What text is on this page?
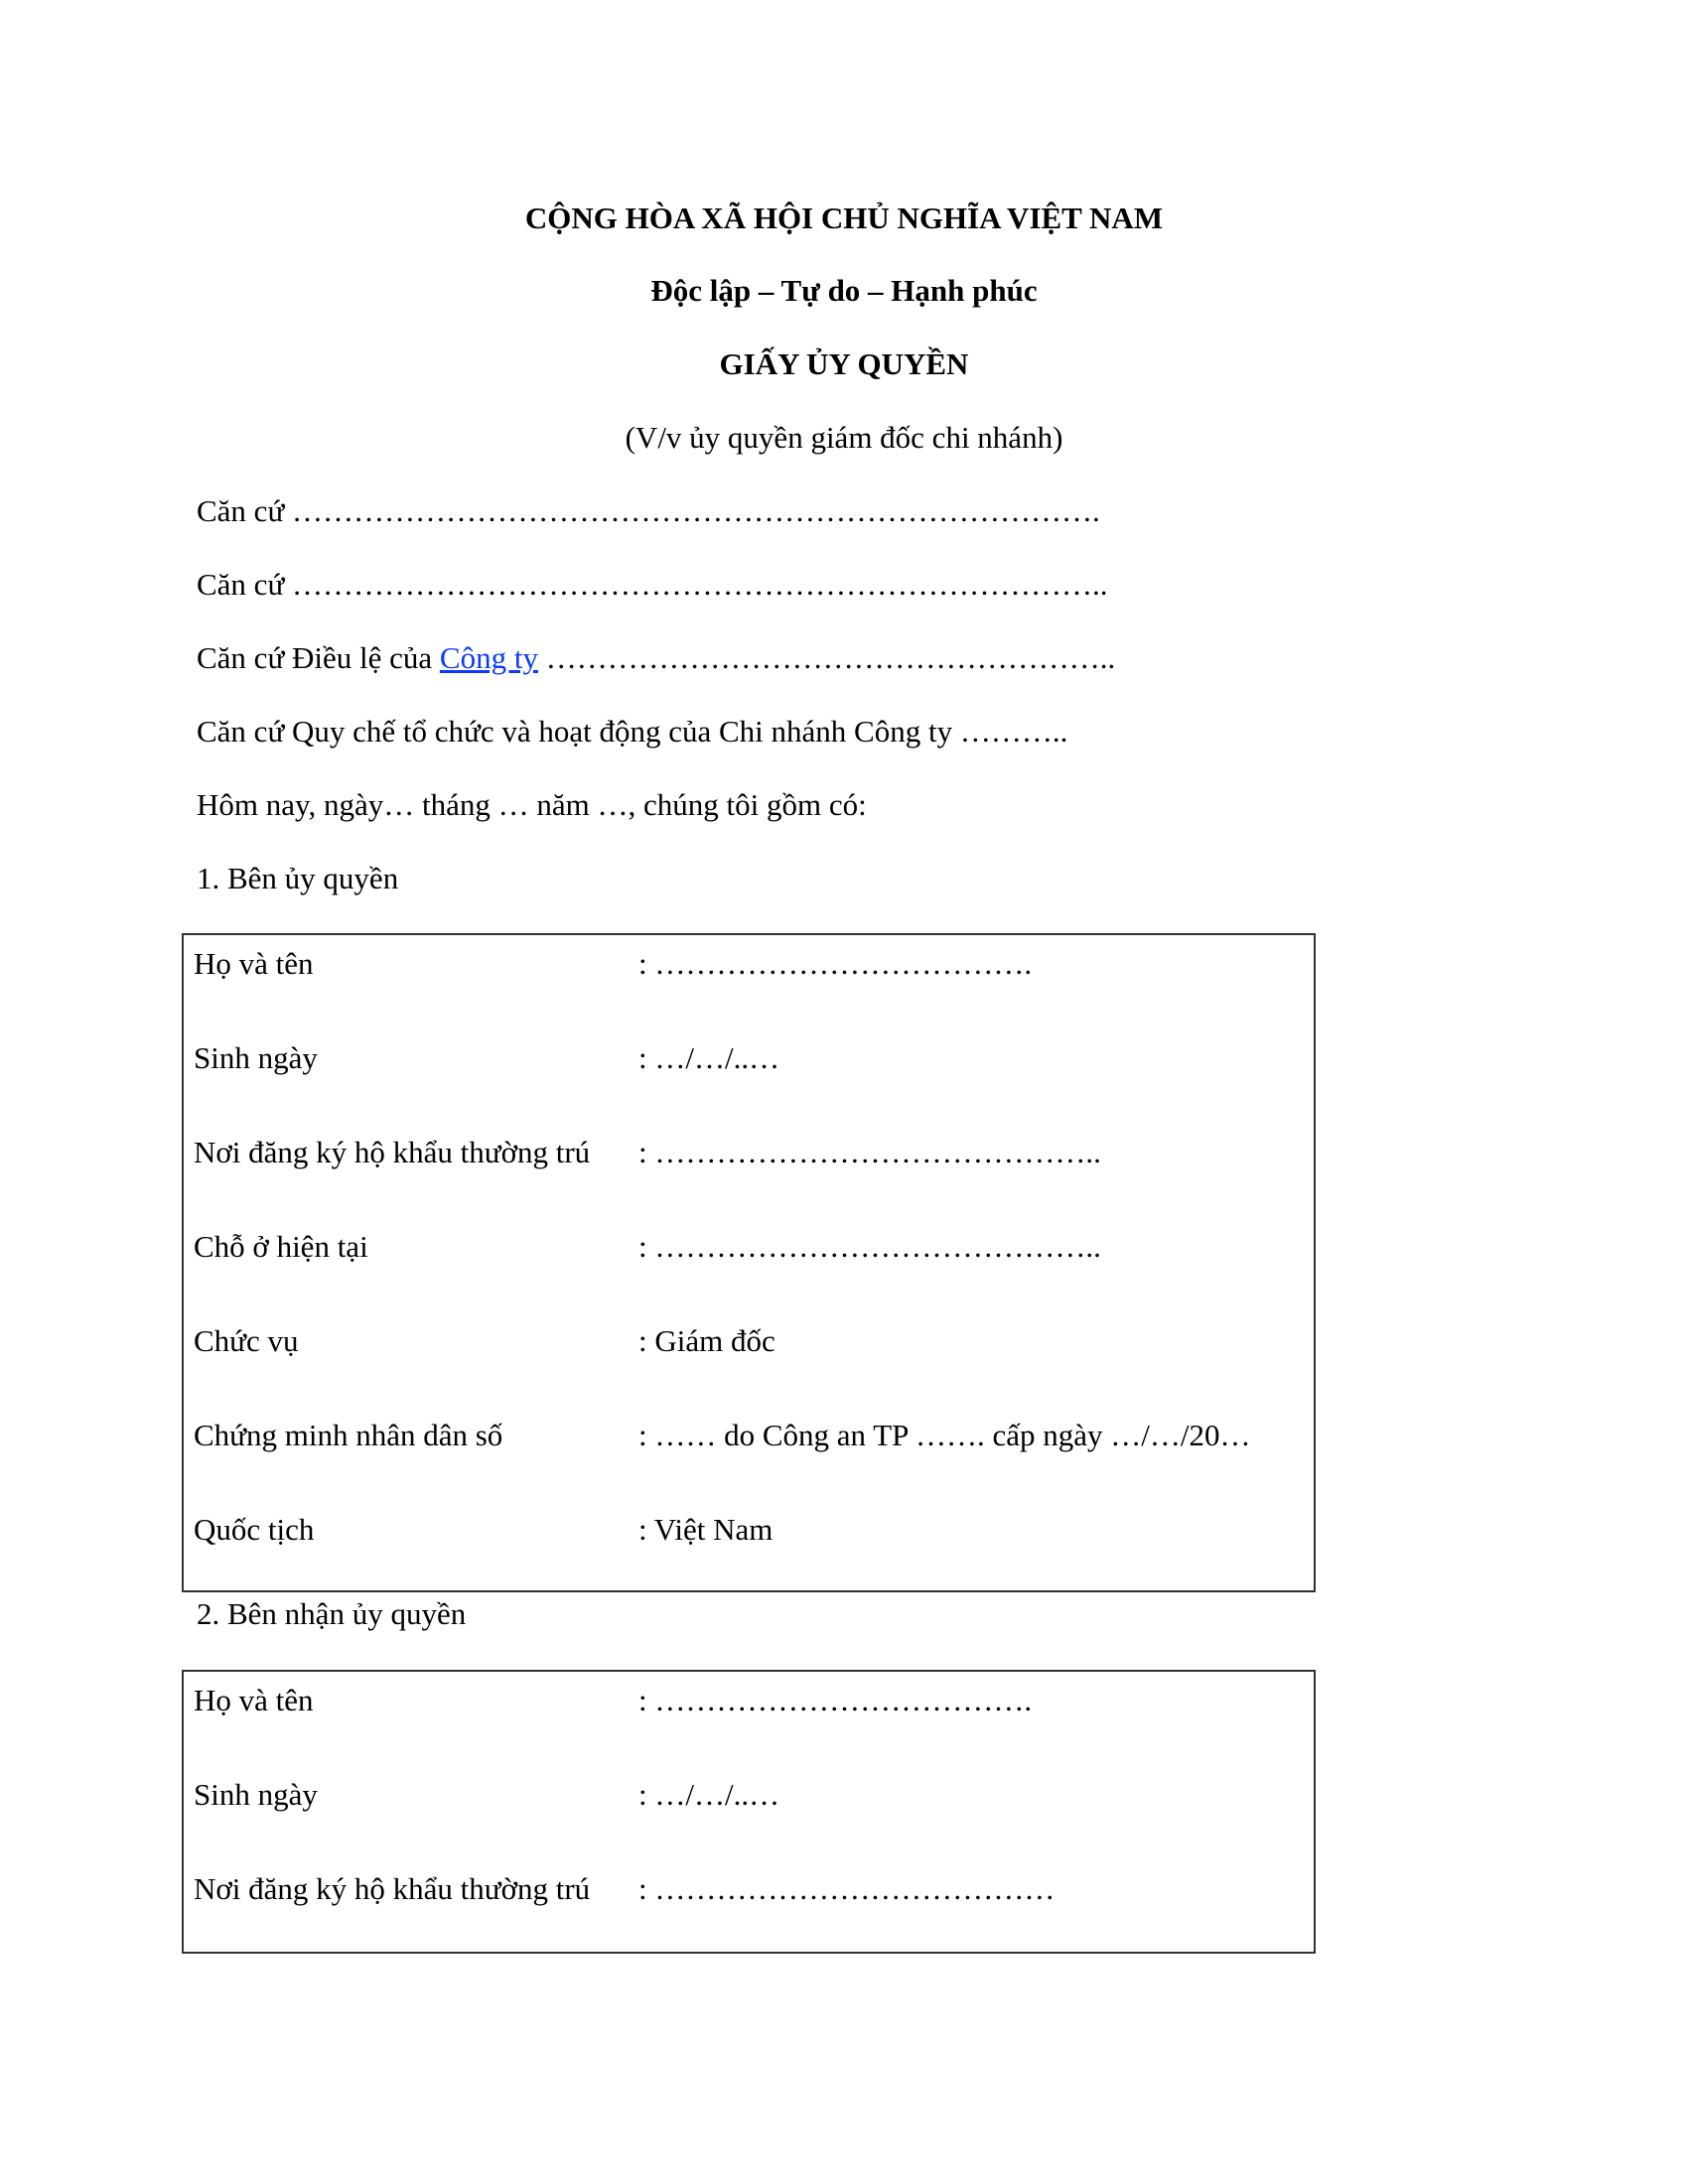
CỘNG HÒA XÃ HỘI CHỦ NGHĨA VIỆT NAM
Độc lập – Tự do – Hạnh phúc
GIẤY ỦY QUYỀN
(V/v ủy quyền giám đốc chi nhánh)
Căn cứ …………………………………………………………………….
Căn cứ ……………………………………………………………………..
Căn cứ Điều lệ của Công ty ………………………………………………..
Căn cứ Quy chế tổ chức và hoạt động của Chi nhánh Công ty ………..
Hôm nay, ngày… tháng … năm …, chúng tôi gồm có:
1. Bên ủy quyền
Họ và tên	: ……………………………….
Sinh ngày	: …/…/..…
Nơi đăng ký hộ khẩu thường trú : ……………………………………..
Chỗ ở hiện tại	: ……………………………………..
Chức vụ	: Giám đốc
Chứng minh nhân dân số	: …… do Công an TP ……. cấp ngày …/…/20…
Quốc tịch	: Việt Nam
2. Bên nhận ủy quyền
Họ và tên	: ……………………………….
Sinh ngày	: …/…/..…
Nơi đăng ký hộ khẩu thường trú : …………………………………
